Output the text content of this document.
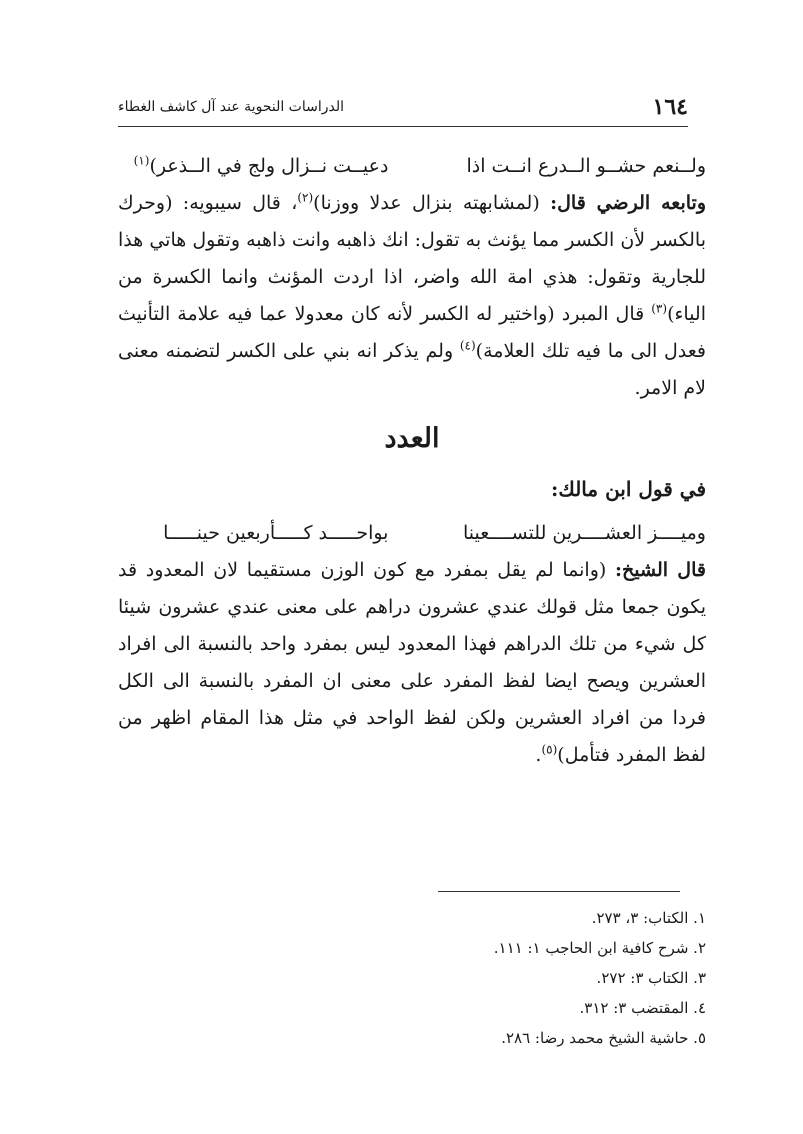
١٦٤
الدراسات النحوية عند آل كاشف الغطاء
ولــنعم حشــو الــدرع انــت اذا
دعيــت نــزال ولج في الــذعر)$^{(١)}$

وتابعه الرضي قال: (لمشابهته بنزال عدلا ووزنا)$^{(٢)}$، قال سيبويه: (وحرك بالكسر لأن الكسر مما يؤنث به تقول: انك ذاهبه وانت ذاهبه وتقول هاتي هذا للجارية وتقول: هذي امة الله واضر، اذا اردت المؤنث وانما الكسرة من الياء)$^{(٣)}$ قال المبرد (واختير له الكسر لأنه كان معدولا عما فيه علامة التأنيث فعدل الى ما فيه تلك العلامة)$^{(٤)}$ ولم يذكر انه بني على الكسر لتضمنه معنى لام الامر.

العدد
في قول ابن مالك:
وميــــز العشــــرين للتســــعينا
بواحـــــد كـــــأربعين حينـــــا

قال الشيخ: (وانما لم يقل بمفرد مع كون الوزن مستقيما لان المعدود قد يكون جمعا مثل قولك عندي عشرون دراهم على معنى عندي عشرون شيئا كل شيء من تلك الدراهم فهذا المعدود ليس بمفرد واحد بالنسبة الى افراد العشرين ويصح ايضا لفظ المفرد على معنى ان المفرد بالنسبة الى الكل فردا من افراد العشرين ولكن لفظ الواحد في مثل هذا المقام اظهر من لفظ المفرد فتأمل)$^{(٥)}$.

١. الكتاب: ٣، ٢٧٣.

٢. شرح كافية ابن الحاجب ١: ١١١.

٣. الكتاب ٣: ٢٧٢.

٤. المقتضب ٣: ٣١٢.

٥. حاشية الشيخ محمد رضا: ٢٨٦.
